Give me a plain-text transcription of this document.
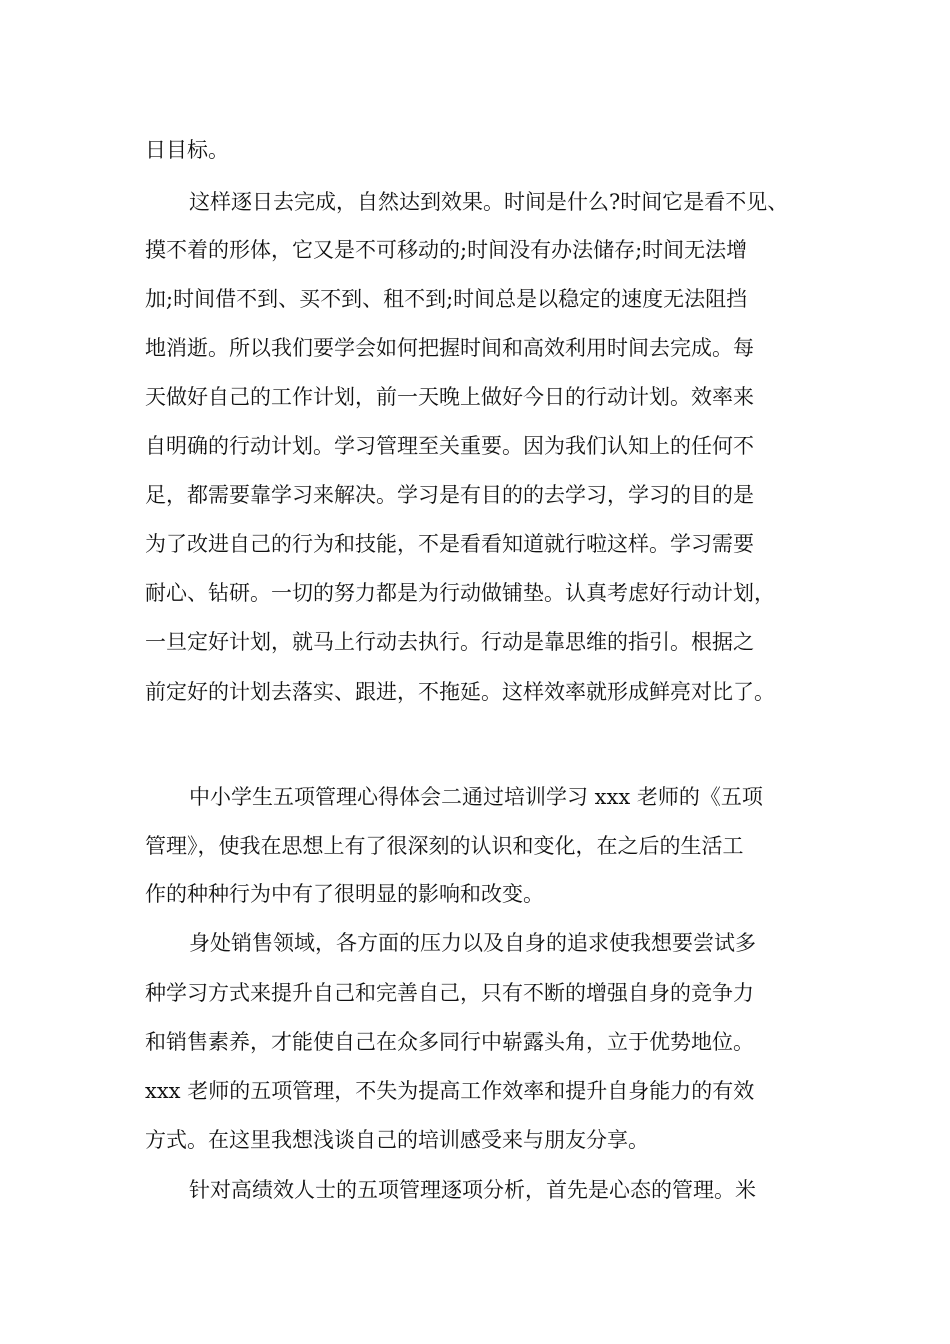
日目标。
这样逐日去完成，自然达到效果。时间是什么?时间它是看不见、
摸不着的形体，它又是不可移动的;时间没有办法储存;时间无法增
加;时间借不到、买不到、租不到;时间总是以稳定的速度无法阻挡
地消逝。所以我们要学会如何把握时间和高效利用时间去完成。每
天做好自己的工作计划，前一天晚上做好今日的行动计划。效率来
自明确的行动计划。学习管理至关重要。因为我们认知上的任何不
足，都需要靠学习来解决。学习是有目的的去学习，学习的目的是
为了改进自己的行为和技能，不是看看知道就行啦这样。学习需要
耐心、钻研。一切的努力都是为行动做铺垫。认真考虑好行动计划，
一旦定好计划，就马上行动去执行。行动是靠思维的指引。根据之
前定好的计划去落实、跟进，不拖延。这样效率就形成鲜亮对比了。
中小学生五项管理心得体会二通过培训学习 xxx 老师的《五项
管理》，使我在思想上有了很深刻的认识和变化，在之后的生活工
作的种种行为中有了很明显的影响和改变。
身处销售领域，各方面的压力以及自身的追求使我想要尝试多
种学习方式来提升自己和完善自己，只有不断的增强自身的竞争力
和销售素养，才能使自己在众多同行中崭露头角，立于优势地位。
xxx 老师的五项管理，不失为提高工作效率和提升自身能力的有效
方式。在这里我想浅谈自己的培训感受来与朋友分享。
针对高绩效人士的五项管理逐项分析，首先是心态的管理。米
